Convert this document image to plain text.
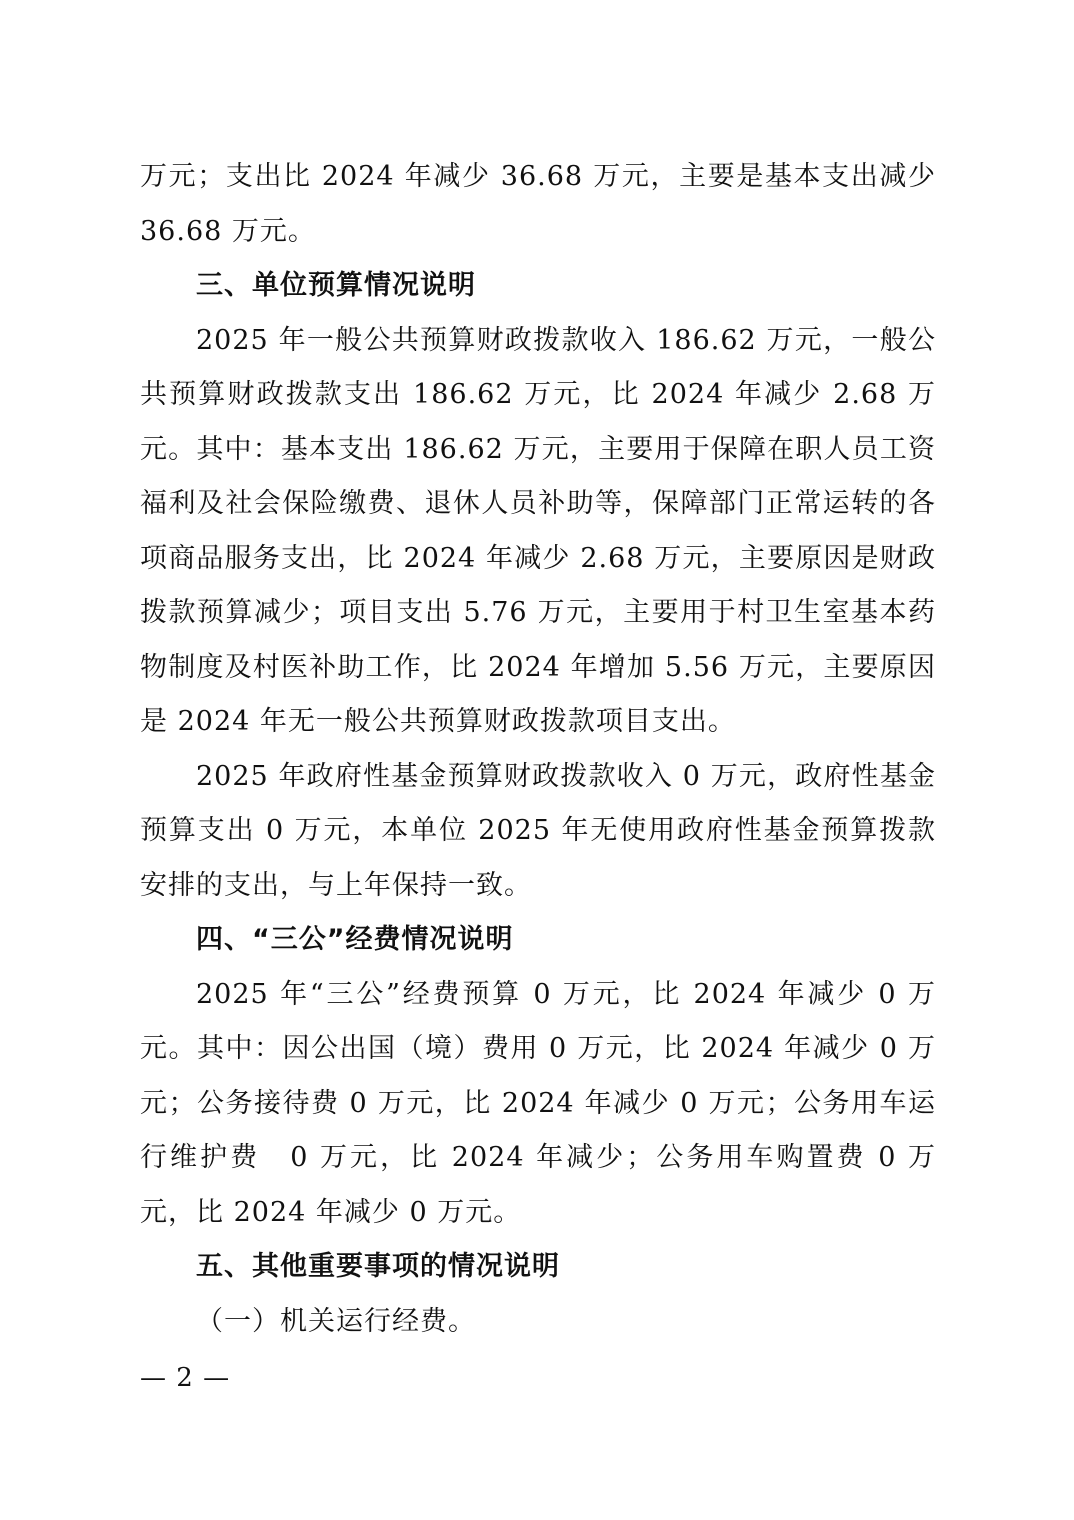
万元；支出比 2024 年减少 36.68 万元，主要是基本支出减少 36.68 万元。

三、单位预算情况说明

2025 年一般公共预算财政拨款收入 186.62 万元，一般公共预算财政拨款支出 186.62 万元，比 2024 年减少 2.68 万元。其中：基本支出 186.62 万元，主要用于保障在职人员工资福利及社会保险缴费、退休人员补助等，保障部门正常运转的各项商品服务支出，比 2024 年减少 2.68 万元，主要原因是财政拨款预算减少；项目支出 5.76 万元，主要用于村卫生室基本药物制度及村医补助工作，比 2024 年增加 5.56 万元，主要原因是 2024 年无一般公共预算财政拨款项目支出。

2025 年政府性基金预算财政拨款收入 0 万元，政府性基金预算支出 0 万元，本单位 2025 年无使用政府性基金预算拨款安排的支出，与上年保持一致。

四、“三公”经费情况说明

2025 年“三公”经费预算 0 万元，比 2024 年减少 0 万元。其中：因公出国（境）费用 0 万元，比 2024 年减少 0 万元；公务接待费 0 万元，比 2024 年减少 0 万元；公务用车运行维护费　0 万元，比 2024 年减少；公务用车购置费 0 万元，比 2024 年减少 0 万元。

五、其他重要事项的情况说明

（一）机关运行经费。

— 2 —
